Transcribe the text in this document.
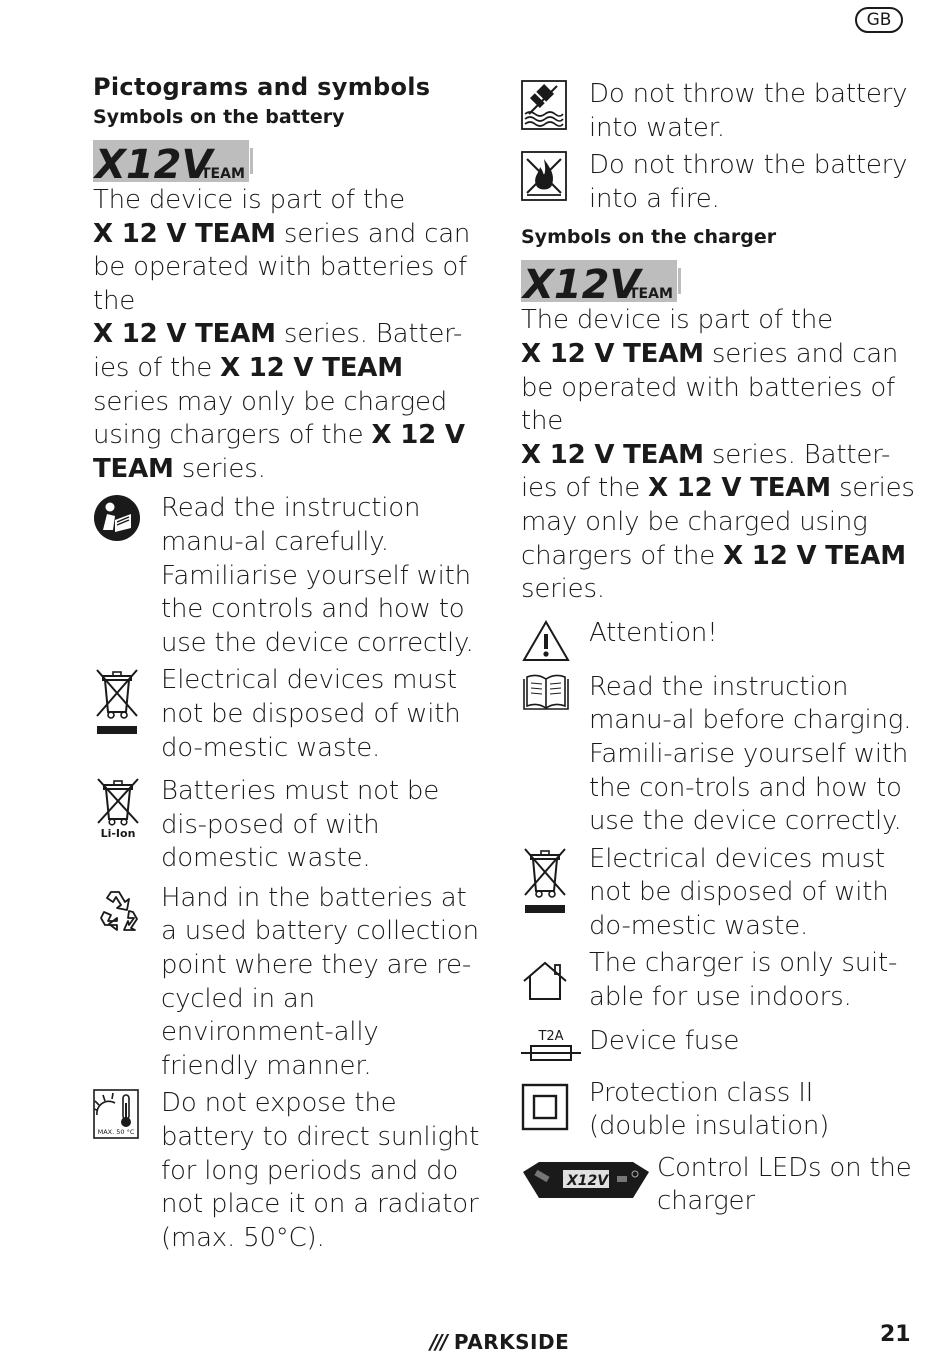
GB
Pictograms and symbols
Symbols on the battery
X12V
TEAM

The device is part of the
X 12 V TEAM series and can be operated with batteries of the
X 12 V TEAM series. Batter-ies of the X 12 V TEAM series may only be charged using chargers of the X 12 V TEAM series.

Read the instruction manu-al carefully. Familiarise yourself with the controls and how to use the device correctly.
Electrical devices must not be disposed of with do-mestic waste.
Li-Ion
Batteries must not be dis-posed of with domestic waste.
Hand in the batteries at a used battery collection point where they are re-cycled in an environment-ally friendly manner.
MAX. 50 °C
Do not expose the battery to direct sunlight for long periods and do not place it on a radiator (max. 50°C).
Do not throw the battery into water.
Do not throw the battery into a fire.
Symbols on the charger
X12V
TEAM

The device is part of the
X 12 V TEAM series and can be operated with batteries of the
X 12 V TEAM series. Batter-ies of the X 12 V TEAM series may only be charged using chargers of the X 12 V TEAM series.

Attention!
Read the instruction manu-al before charging. Famili-arise yourself with the con-trols and how to use the device correctly.
Electrical devices must not be disposed of with do-mestic waste.
The charger is only suit-able for use indoors.
T2A Device fuse
Protection class II (double insulation)
X12V Control LEDs on the charger
/// PARKSIDE	21
